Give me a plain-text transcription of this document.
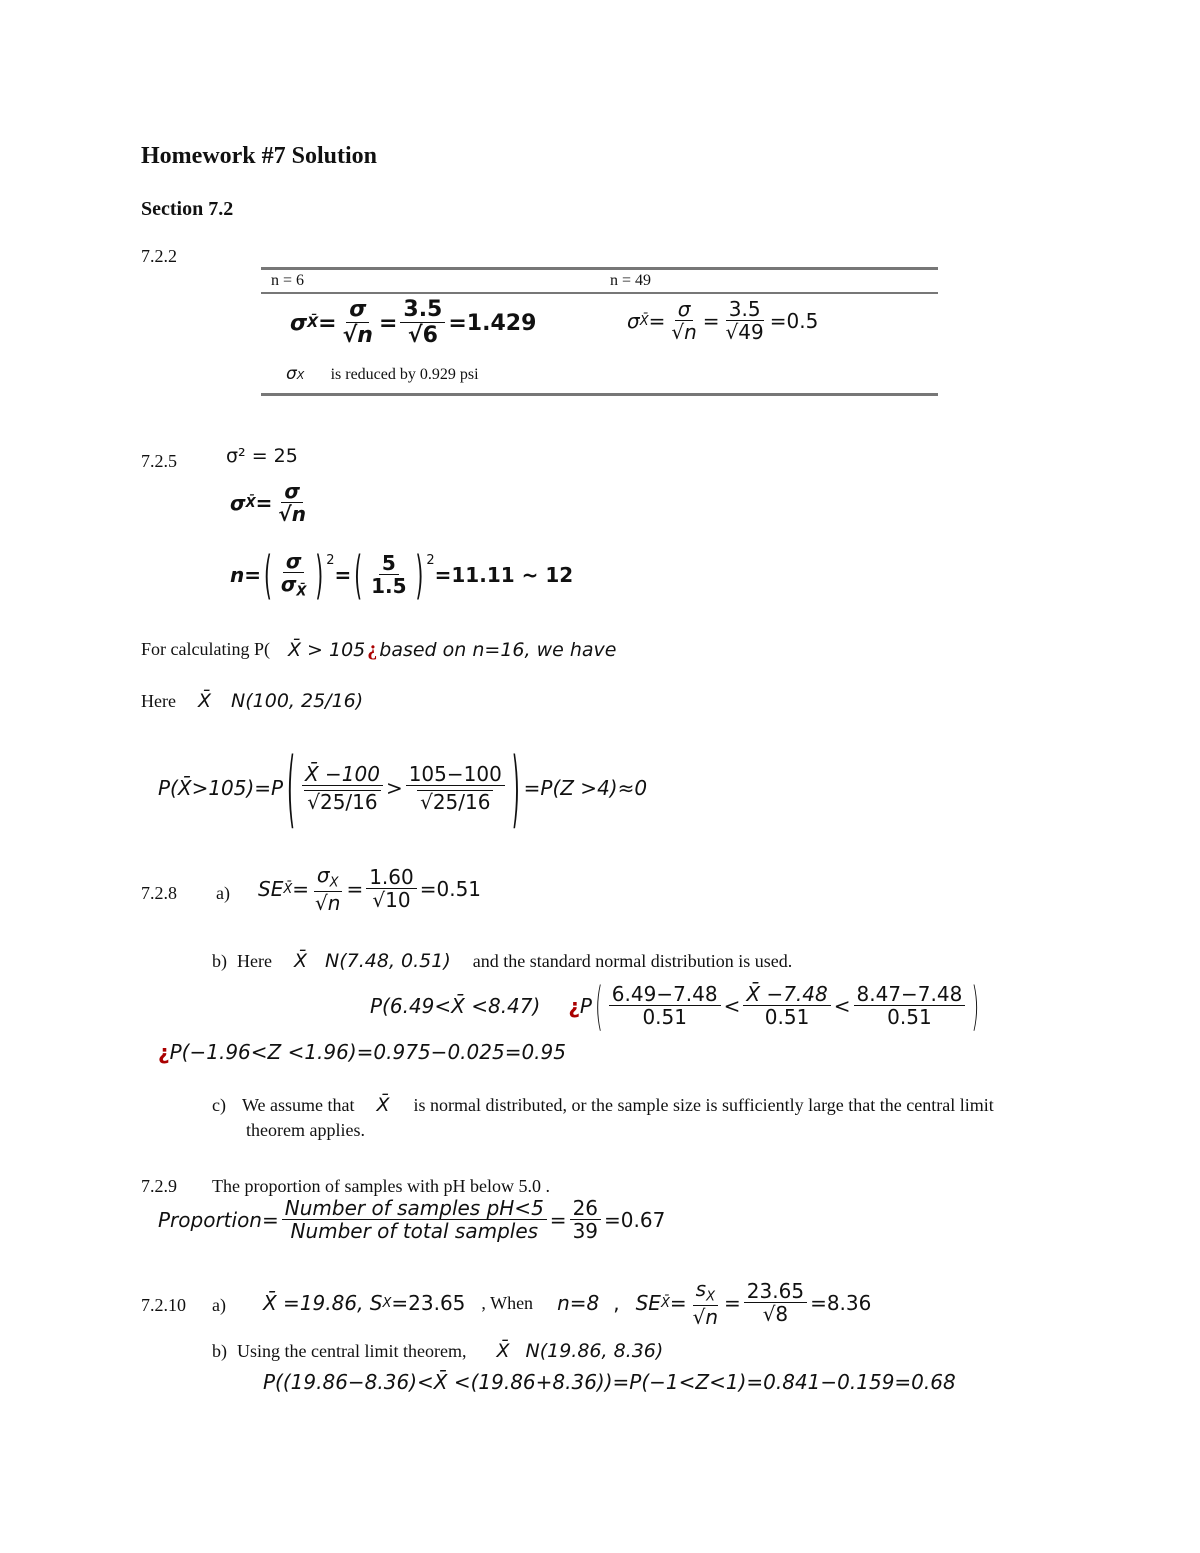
Homework #7 Solution
Section 7.2
7.2.2
n = 6	n = 49
σ X̄ = $\frac{\sigma}{√n} = \frac{3.5}{√6} =1.429$	σ X̄ = $\frac{\sigma}{√n} = \frac{3.5}{√49} =0.5$
σX is reduced by 0.929 psi
7.2.5	σ² = 25
σ X̄ = $\frac{\sigma}{√n}$
n= ( $\frac{\sigma}{\sigma_{X̄}}$ ) 2
= ( $\frac{5}{1.5}$ ) 2
=11.11 ~ 12
For calculating P( X̄ > 105 ¿ based on n=16, we have
Here X̄ N(100, 25/16)
P(X̄>105)=P ( $\frac{X̄ -100}{√25/16} > \frac{105-100}{√25/16}$ ) =P(Z >4)≈0
7.2.8 a) SE X̄ = $\frac{\sigma_X}{√n} = \frac{1.60}{√10} =0.51$
b) Here X̄ N(7.48, 0.51) and the standard normal distribution is used.
P(6.49<X̄ <8.47) ¿ P ( $\frac{6.49-7.48}{0.51} < \frac{X̄ -7.48}{0.51} < \frac{8.47-7.48}{0.51}$ )
¿P(−1.96<Z <1.96)=0.975−0.025=0.95
c) We assume that X̄ is normal distributed, or the sample size is sufficiently large that the central limit
theorem applies.
7.2.9 The proportion of samples with pH below 5.0 .
Proportion= $\frac{\text{Number of samples pH<5}}{\text{Number of total samples}} = \frac{26}{39} =0.67$
7.2.10 a) X̄ =19.86, S X =23.65 , When n=8 , SE X̄ = $\frac{s_X}{√n} = \frac{23.65}{√8} =8.36$
b) Using the central limit theorem, X̄ N(19.86, 8.36)
P((19.86−8.36)<X̄ <(19.86+8.36))=P(−1<Z<1)=0.841−0.159=0.68
